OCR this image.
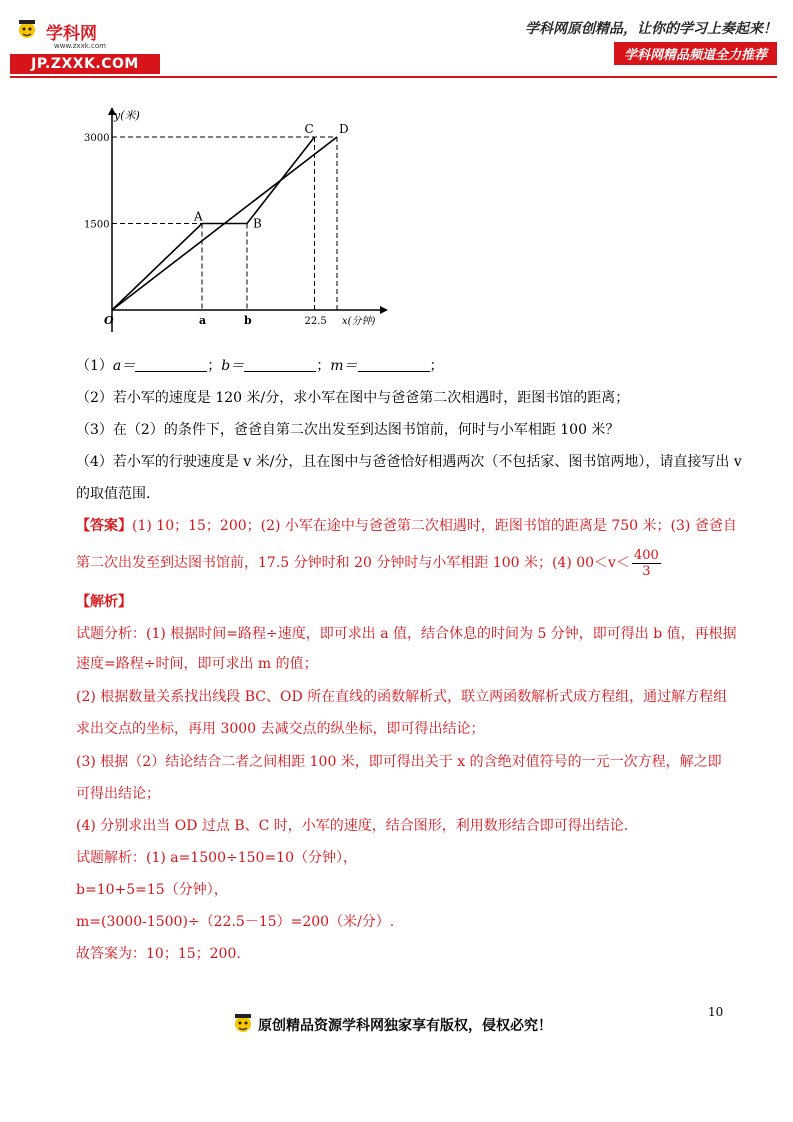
学科网
www.zxxk.com
JP.ZXXK.COM
学科网原创精品，让你的学习上奏起来！
学科网精品频道全力推荐
y(米)
x(分钟)
O
3000
1500
a	b	22.5
A	B
C D
（1）a＝	；b＝	；m＝	；
（2）若小军的速度是 120 米/分，求小军在图中与爸爸第二次相遇时，距图书馆的距离；
（3）在（2）的条件下，爸爸自第二次出发至到达图书馆前，何时与小军相距 100 米？
（4）若小军的行驶速度是 v 米/分，且在图中与爸爸恰好相遇两次（不包括家、图书馆两地），请直接写出 v
的取值范围.
【答案】(1) 10；15；200；(2) 小军在途中与爸爸第二次相遇时，距图书馆的距离是 750 米；(3) 爸爸自
第二次出发至到达图书馆前，17.5 分钟时和 20 分钟时与小军相距 100 米；(4) $00<v< \frac{400}{3}$
【解析】
试题分析：(1) 根据时间=路程÷速度，即可求出 a 值，结合休息的时间为 5 分钟，即可得出 b 值，再根据
速度=路程÷时间，即可求出 m 的值；
(2) 根据数量关系找出线段 BC、OD 所在直线的函数解析式，联立两函数解析式成方程组，通过解方程组
求出交点的坐标，再用 3000 去减交点的纵坐标，即可得出结论；
(3) 根据（2）结论结合二者之间相距 100 米，即可得出关于 x 的含绝对值符号的一元一次方程，解之即
可得出结论；
(4) 分别求出当 OD 过点 B、C 时，小军的速度，结合图形，利用数形结合即可得出结论.
试题解析：(1) a=1500÷150=10（分钟），
b=10+5=15（分钟），
m=(3000-1500)÷（22.5－15）=200（米/分）.
故答案为：10；15；200.
10
原创精品资源学科网独家享有版权，侵权必究！
